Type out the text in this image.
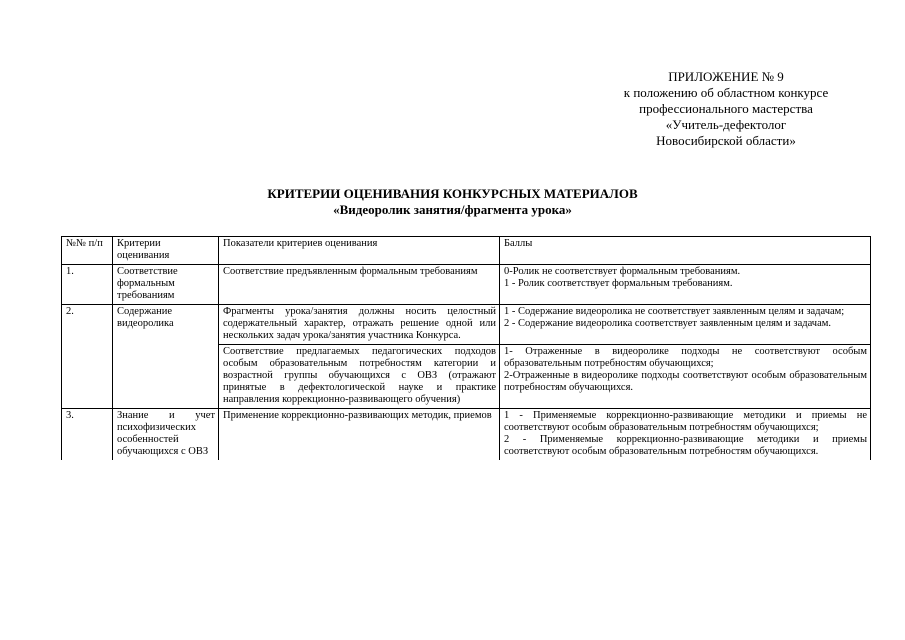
ПРИЛОЖЕНИЕ № 9
к положению об областном конкурсе
профессионального мастерства
«Учитель-дефектолог
Новосибирской области»
КРИТЕРИИ ОЦЕНИВАНИЯ КОНКУРСНЫХ МАТЕРИАЛОВ
«Видеоролик занятия/фрагмента урока»
№№ п/п	Критерии оценивания	Показатели критериев оценивания	Баллы
1.	Соответствие формальным требованиям	Соответствие предъявленным формальным требованиям	0-Ролик не соответствует формальным требованиям.
1 - Ролик соответствует формальным требованиям.

2.	Содержание видеоролика	Фрагменты урока/занятия должны носить целостный содержательный характер, отражать решение одной или нескольких задач урока/занятия участника Конкурса.	1 - Содержание видеоролика не соответствует заявленным целям и задачам;
2 - Содержание видеоролика соответствует заявленным целям и задачам.

		Соответствие предлагаемых педагогических подходов особым образовательным потребностям категории и возрастной группы обучающихся с ОВЗ (отражают принятые в дефектологической науке и практике направления коррекционно-развивающего обучения)	1- Отраженные в видеоролике подходы не соответствуют особым образовательным потребностям обучающихся;
2-Отраженные в видеоролике подходы соответствуют особым образовательным потребностям обучающихся.

3.	Знание и учет психофизических особенностей обучающихся с ОВЗ	Применение коррекционно-развивающих методик, приемов	1 - Применяемые коррекционно-развивающие методики и приемы не соответствуют особым образовательным потребностям обучающихся;
2 - Применяемые коррекционно-развивающие методики и приемы соответствуют особым образовательным потребностям обучающихся.
